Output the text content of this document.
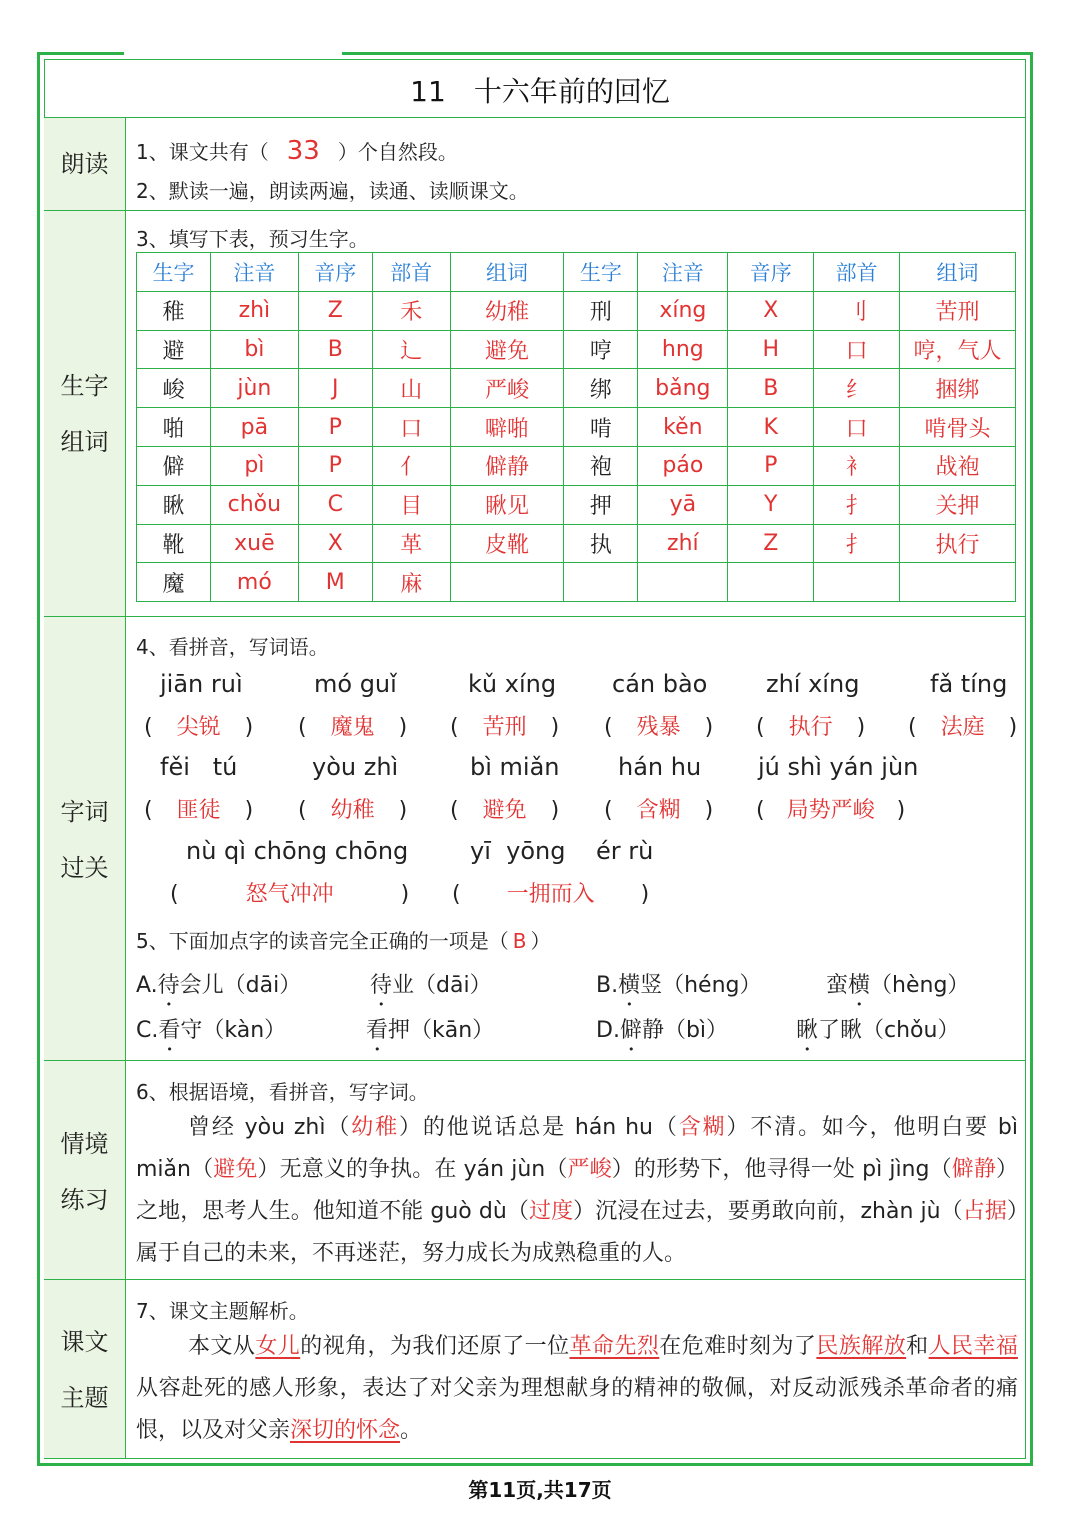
11 十六年前的回忆
朗读
生字
组词
字词
过关
情境
练习
课文
主题
1、课文共有（ 33 ）个自然段。
2、默读一遍，朗读两遍，读通、读顺课文。
3、填写下表，预习生字。
生字	注音	音序	部首	组词	生字	注音	音序	部首	组词
稚	zhì	Z	禾	幼稚	刑	xíng	X	刂	苦刑
避	bì	B	辶	避免	哼	hng	H	口	哼，气人
峻	jùn	J	山	严峻	绑	bǎng	B	纟	捆绑
啪	pā	P	口	噼啪	啃	kěn	K	口	啃骨头
僻	pì	P	亻	僻静	袍	páo	P	衤	战袍
瞅	chǒu	C	目	瞅见	押	yā	Y	扌	关押
靴	xuē	X	革	皮靴	执	zhí	Z	扌	执行
魔	mó	M	麻						
4、看拼音，写词语。
jiān ruì
( 尖锐 )
mó guǐ
( 魔鬼 )
kǔ xíng
( 苦刑 )
cán bào
( 残暴 )
zhí xíng
( 执行 )
fǎ tíng
( 法庭 )
fěi   tú
( 匪徒 )
yòu zhì
( 幼稚 )
bì miǎn
( 避免 )
hán hu
( 含糊 )
jú shì yán jùn
( 局势严峻 )
nù qì chōng chōng
(	怒气冲冲	)
yī  yōng    ér rù
( 一拥而入 )
5、下面加点字的读音完全正确的一项是（ B ）
A.待会儿（dāi）	待业（dāi）	B.横竖（héng）	蛮横（hèng）
C.看守（kàn）	看押（kān）	D.僻静（bì）	瞅了瞅（chǒu）
6、根据语境，看拼音，写字词。
曾经 yòu zhì（幼稚）的他说话总是 hán hu（含糊）不清。如今，他明白要 bì miǎn（避免）无意义的争执。在 yán jùn（严峻）的形势下，他寻得一处 pì jìng（僻静）之地，思考人生。他知道不能 guò dù（过度）沉浸在过去，要勇敢向前，zhàn jù（占据）属于自己的未来，不再迷茫，努力成长为成熟稳重的人。
7、课文主题解析。
本文从女儿的视角，为我们还原了一位革命先烈在危难时刻为了民族解放和人民幸福从容赴死的感人形象，表达了对父亲为理想献身的精神的敬佩，对反动派残杀革命者的痛恨，以及对父亲深切的怀念。
第11页,共17页
